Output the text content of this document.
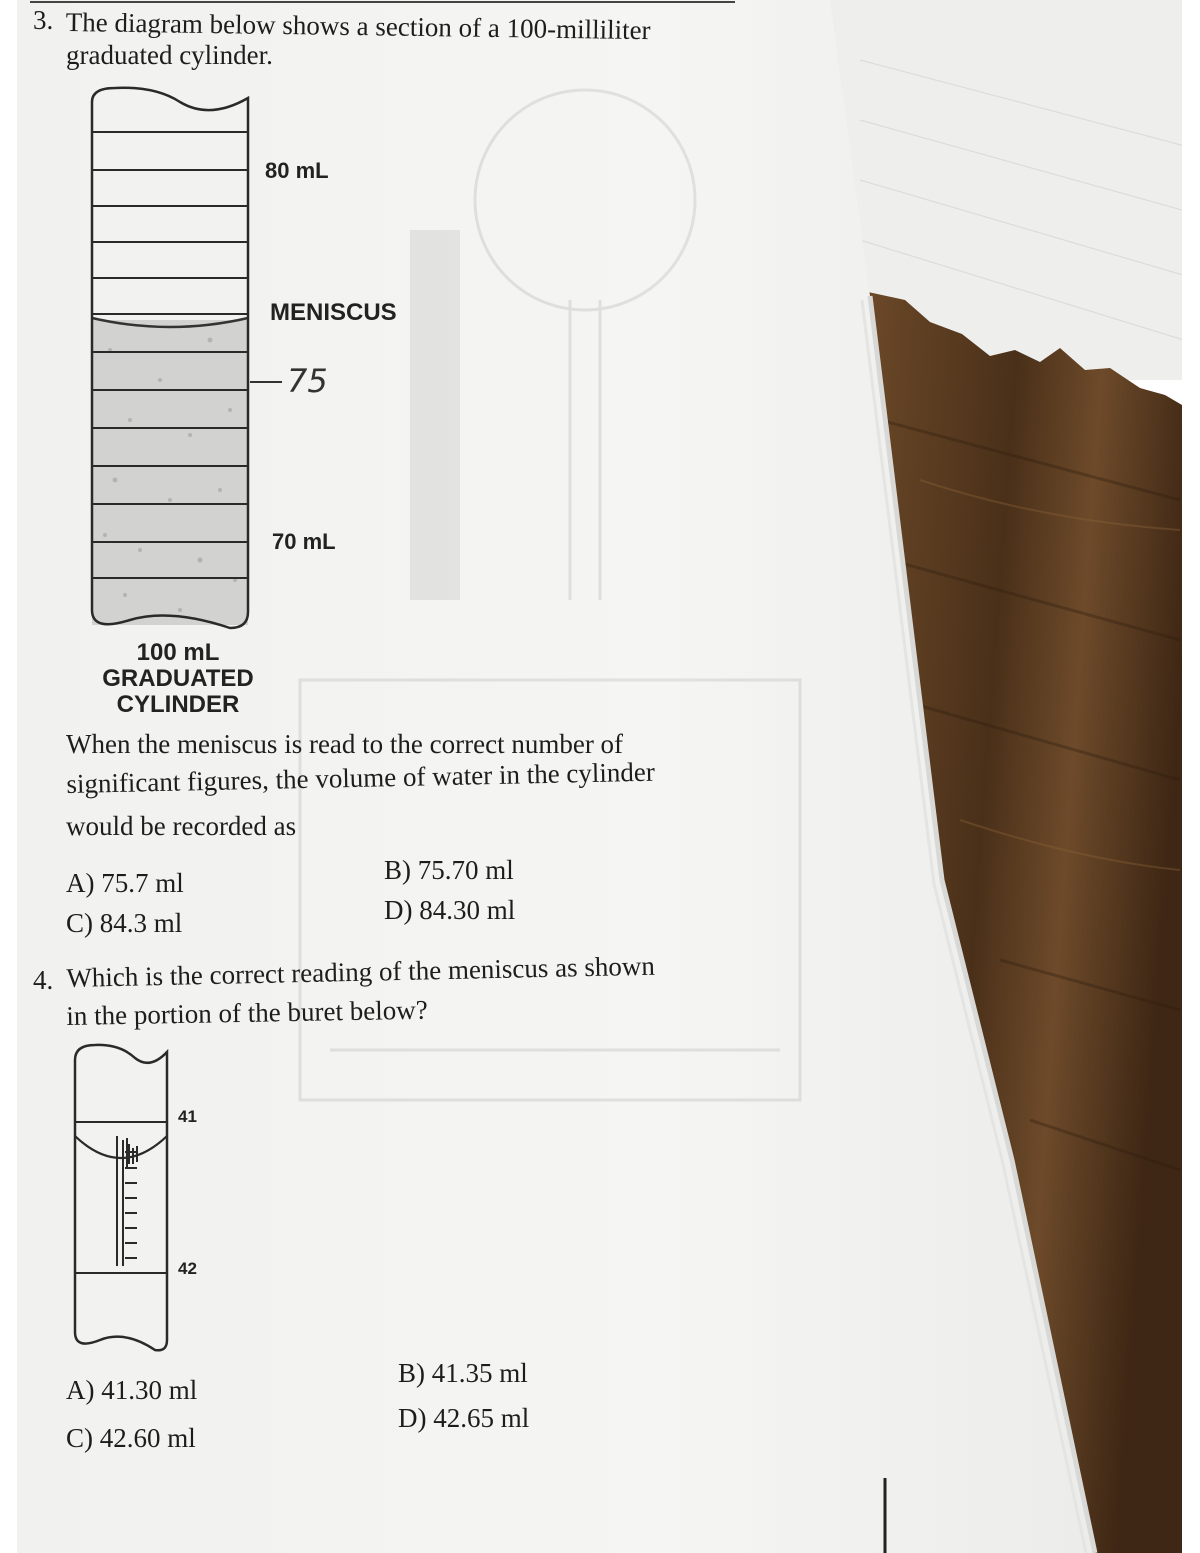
3. The diagram below shows a section of a 100-milliliter
graduated cylinder.
80 mL
MENISCUS
75
70 mL
100 mL
GRADUATED
CYLINDER
When the meniscus is read to the correct number of
significant figures, the volume of water in the cylinder
would be recorded as
A) 75.7 ml	B) 75.70 ml
C) 84.3 ml	D) 84.30 ml
4. Which is the correct reading of the meniscus as shown
in the portion of the buret below?
41
42
A) 41.30 ml
B) 41.35 ml
C) 42.60 ml
D) 42.65 ml
